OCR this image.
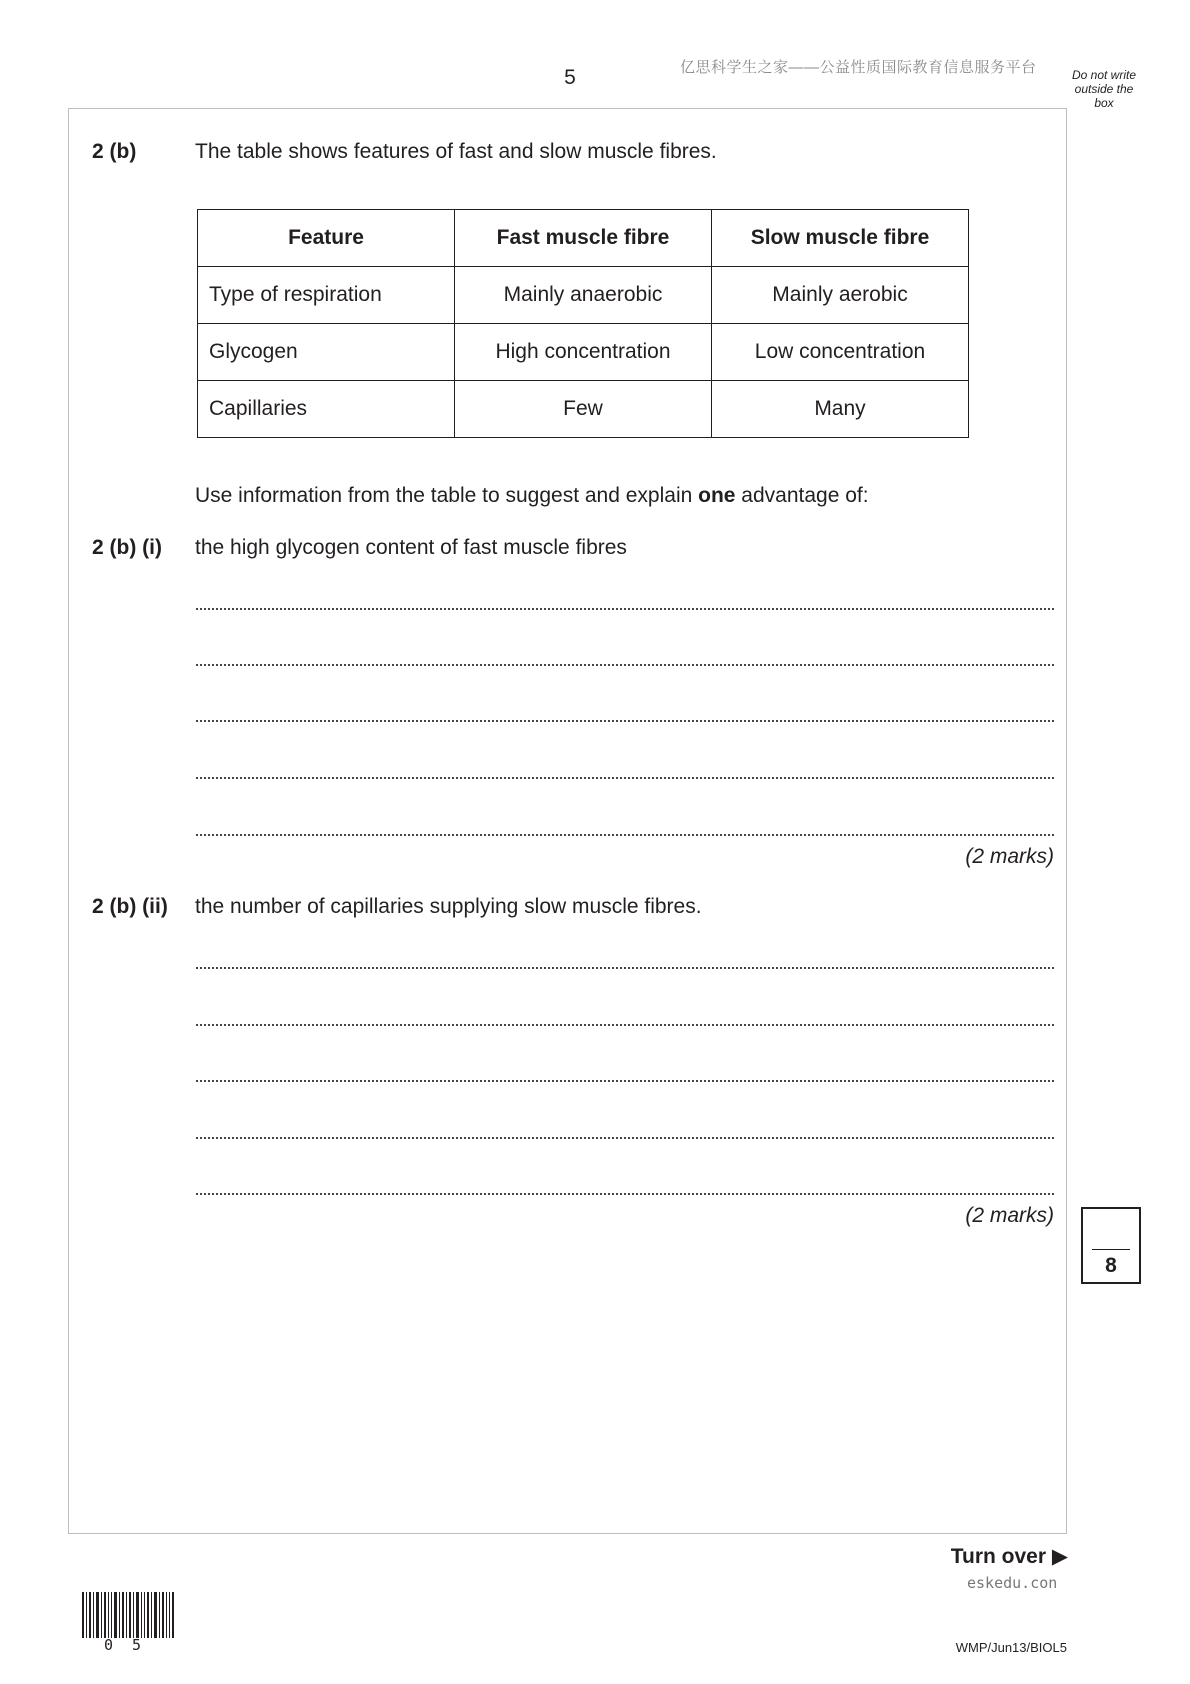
5	亿思科学生之家——公益性质国际教育信息服务平台	Do not write outside the box
2 (b)	The table shows features of fast and slow muscle fibres.
Feature	Fast muscle fibre	Slow muscle fibre
Type of respiration	Mainly anaerobic	Mainly aerobic
Glycogen	High concentration	Low concentration
Capillaries	Few	Many
Use information from the table to suggest and explain one advantage of:
2 (b) (i) the high glycogen content of fast muscle fibres
(2 marks)
2 (b) (ii) the number of capillaries supplying slow muscle fibres.
(2 marks)
8
Turn over ▶
eskedu.con
0 5	WMP/Jun13/BIOL5
